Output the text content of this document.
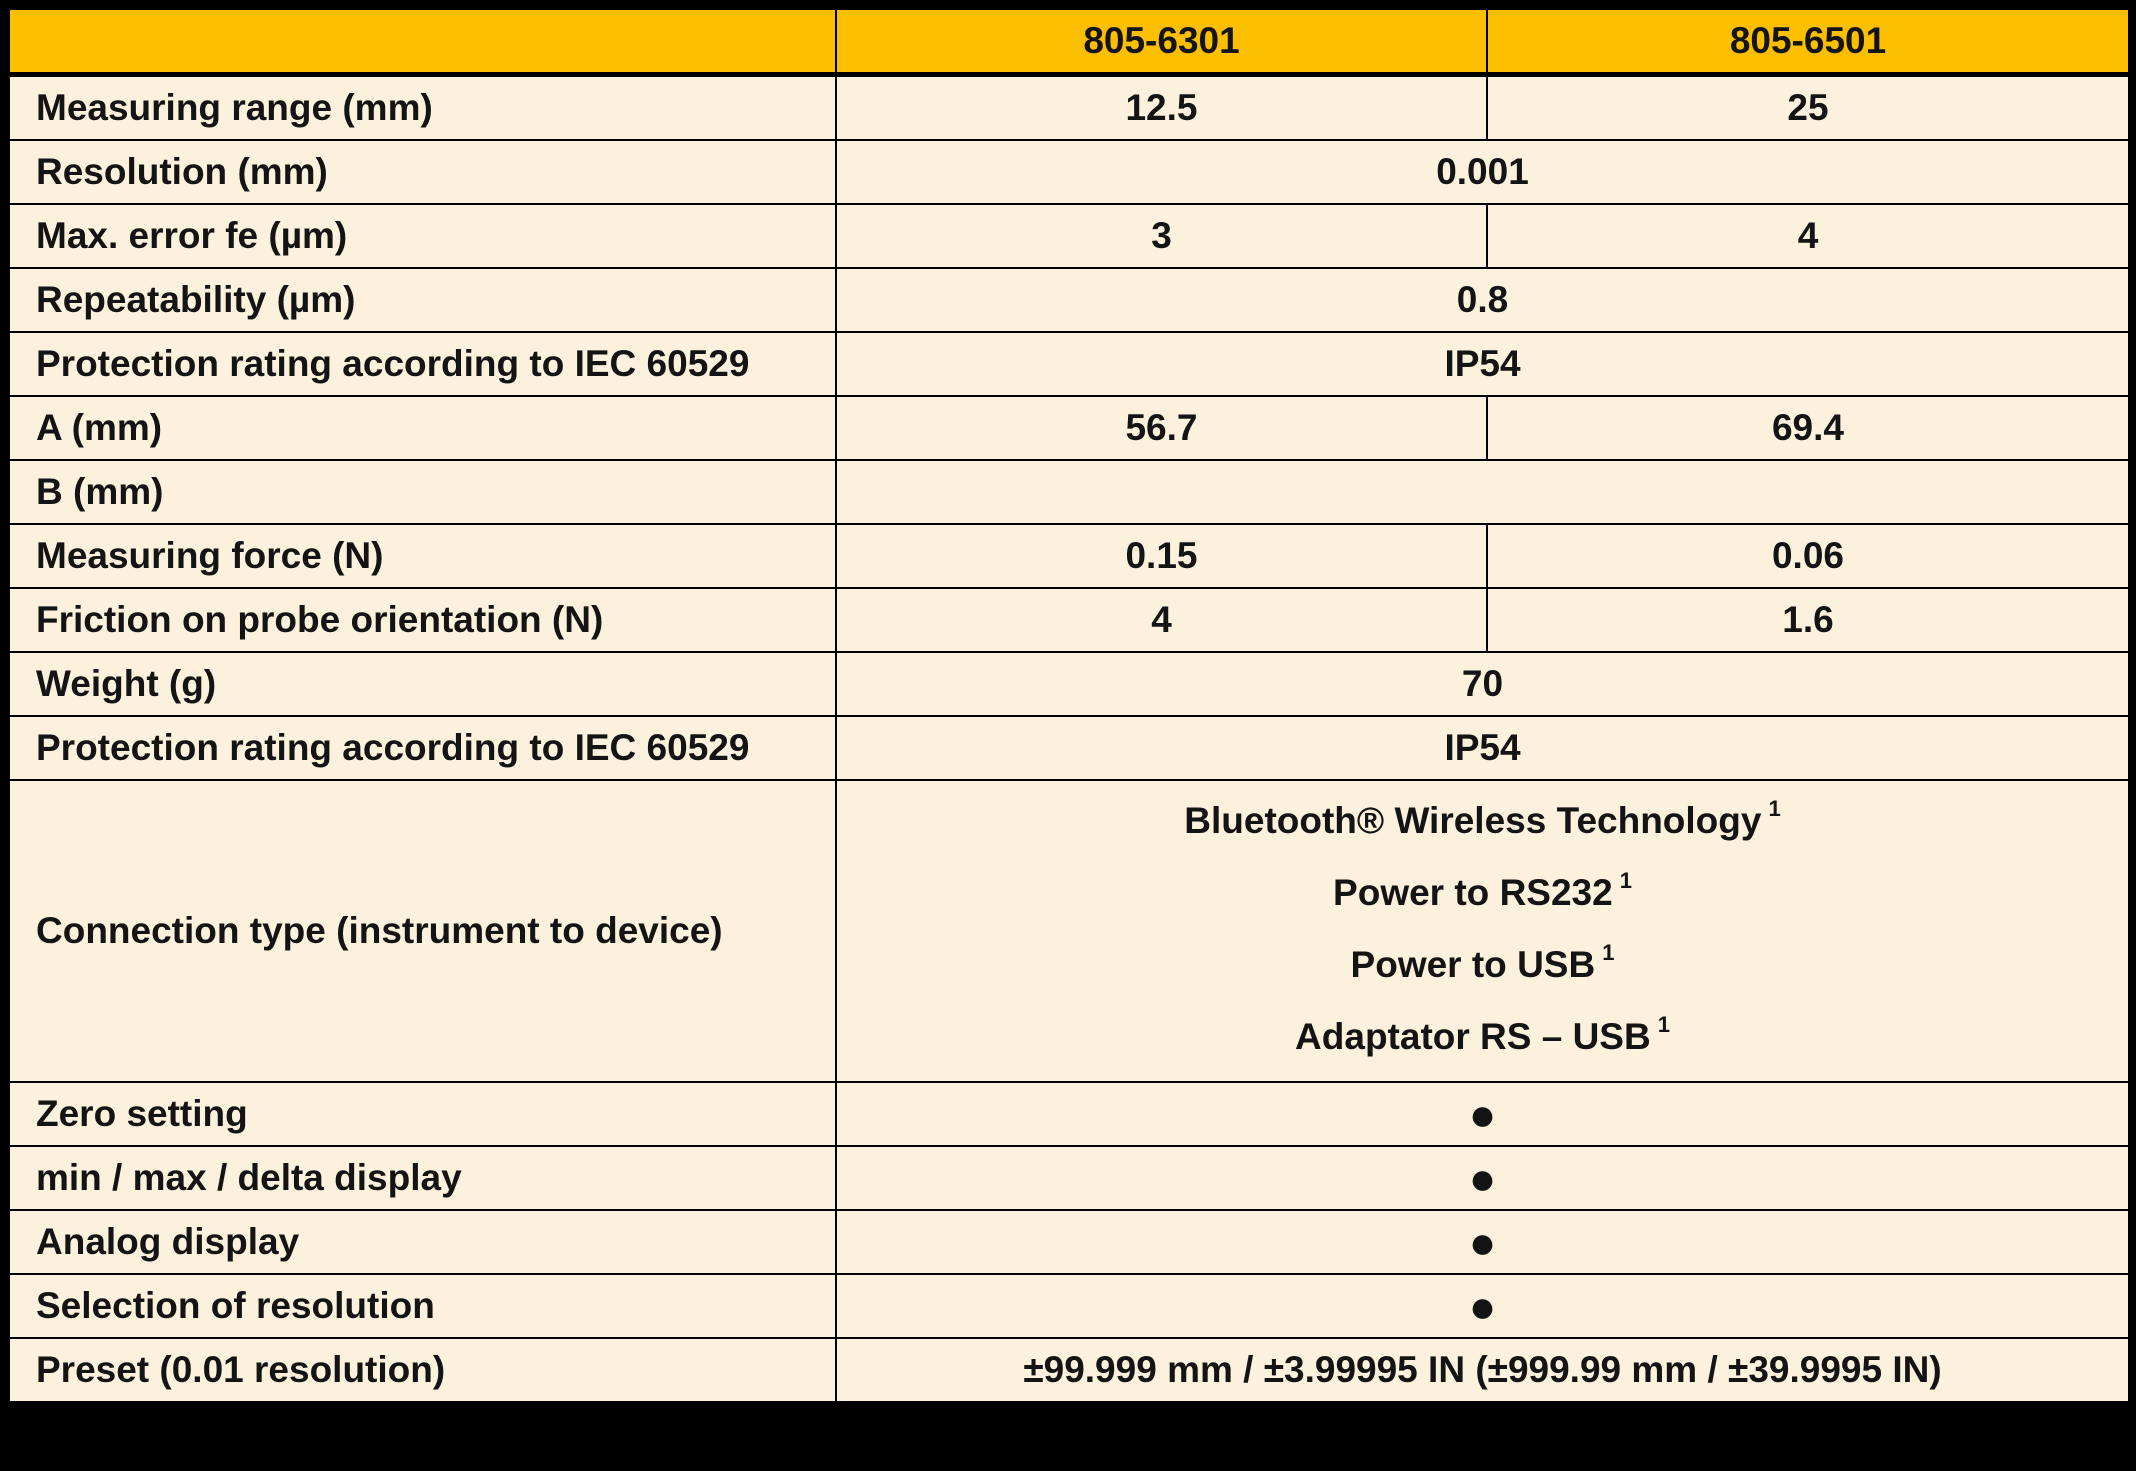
	805-6301	805-6501
Measuring range (mm)	12.5	25
Resolution (mm)	0.001	
Max. error fe (µm)	3	4
Repeatability (µm)	0.8	
Protection rating according to IEC 60529	IP54	
A (mm)	56.7	69.4
B (mm)		
Measuring force (N)	0.15	0.06
Friction on probe orientation (N)	4	1.6
Weight (g)	70	
Protection rating according to IEC 60529	IP54	
Connection type (instrument to device)	Bluetooth® Wireless Technology $^1$
Power to RS232 $^1$
Power to USB $^1$
Adaptator RS – USB $^1$

Zero setting	●	
min / max / delta display	●	
Analog display	●	
Selection of resolution	●	
Preset (0.01 resolution)	±99.999 mm / ±3.99995 IN (±999.99 mm / ±39.9995 IN)	
